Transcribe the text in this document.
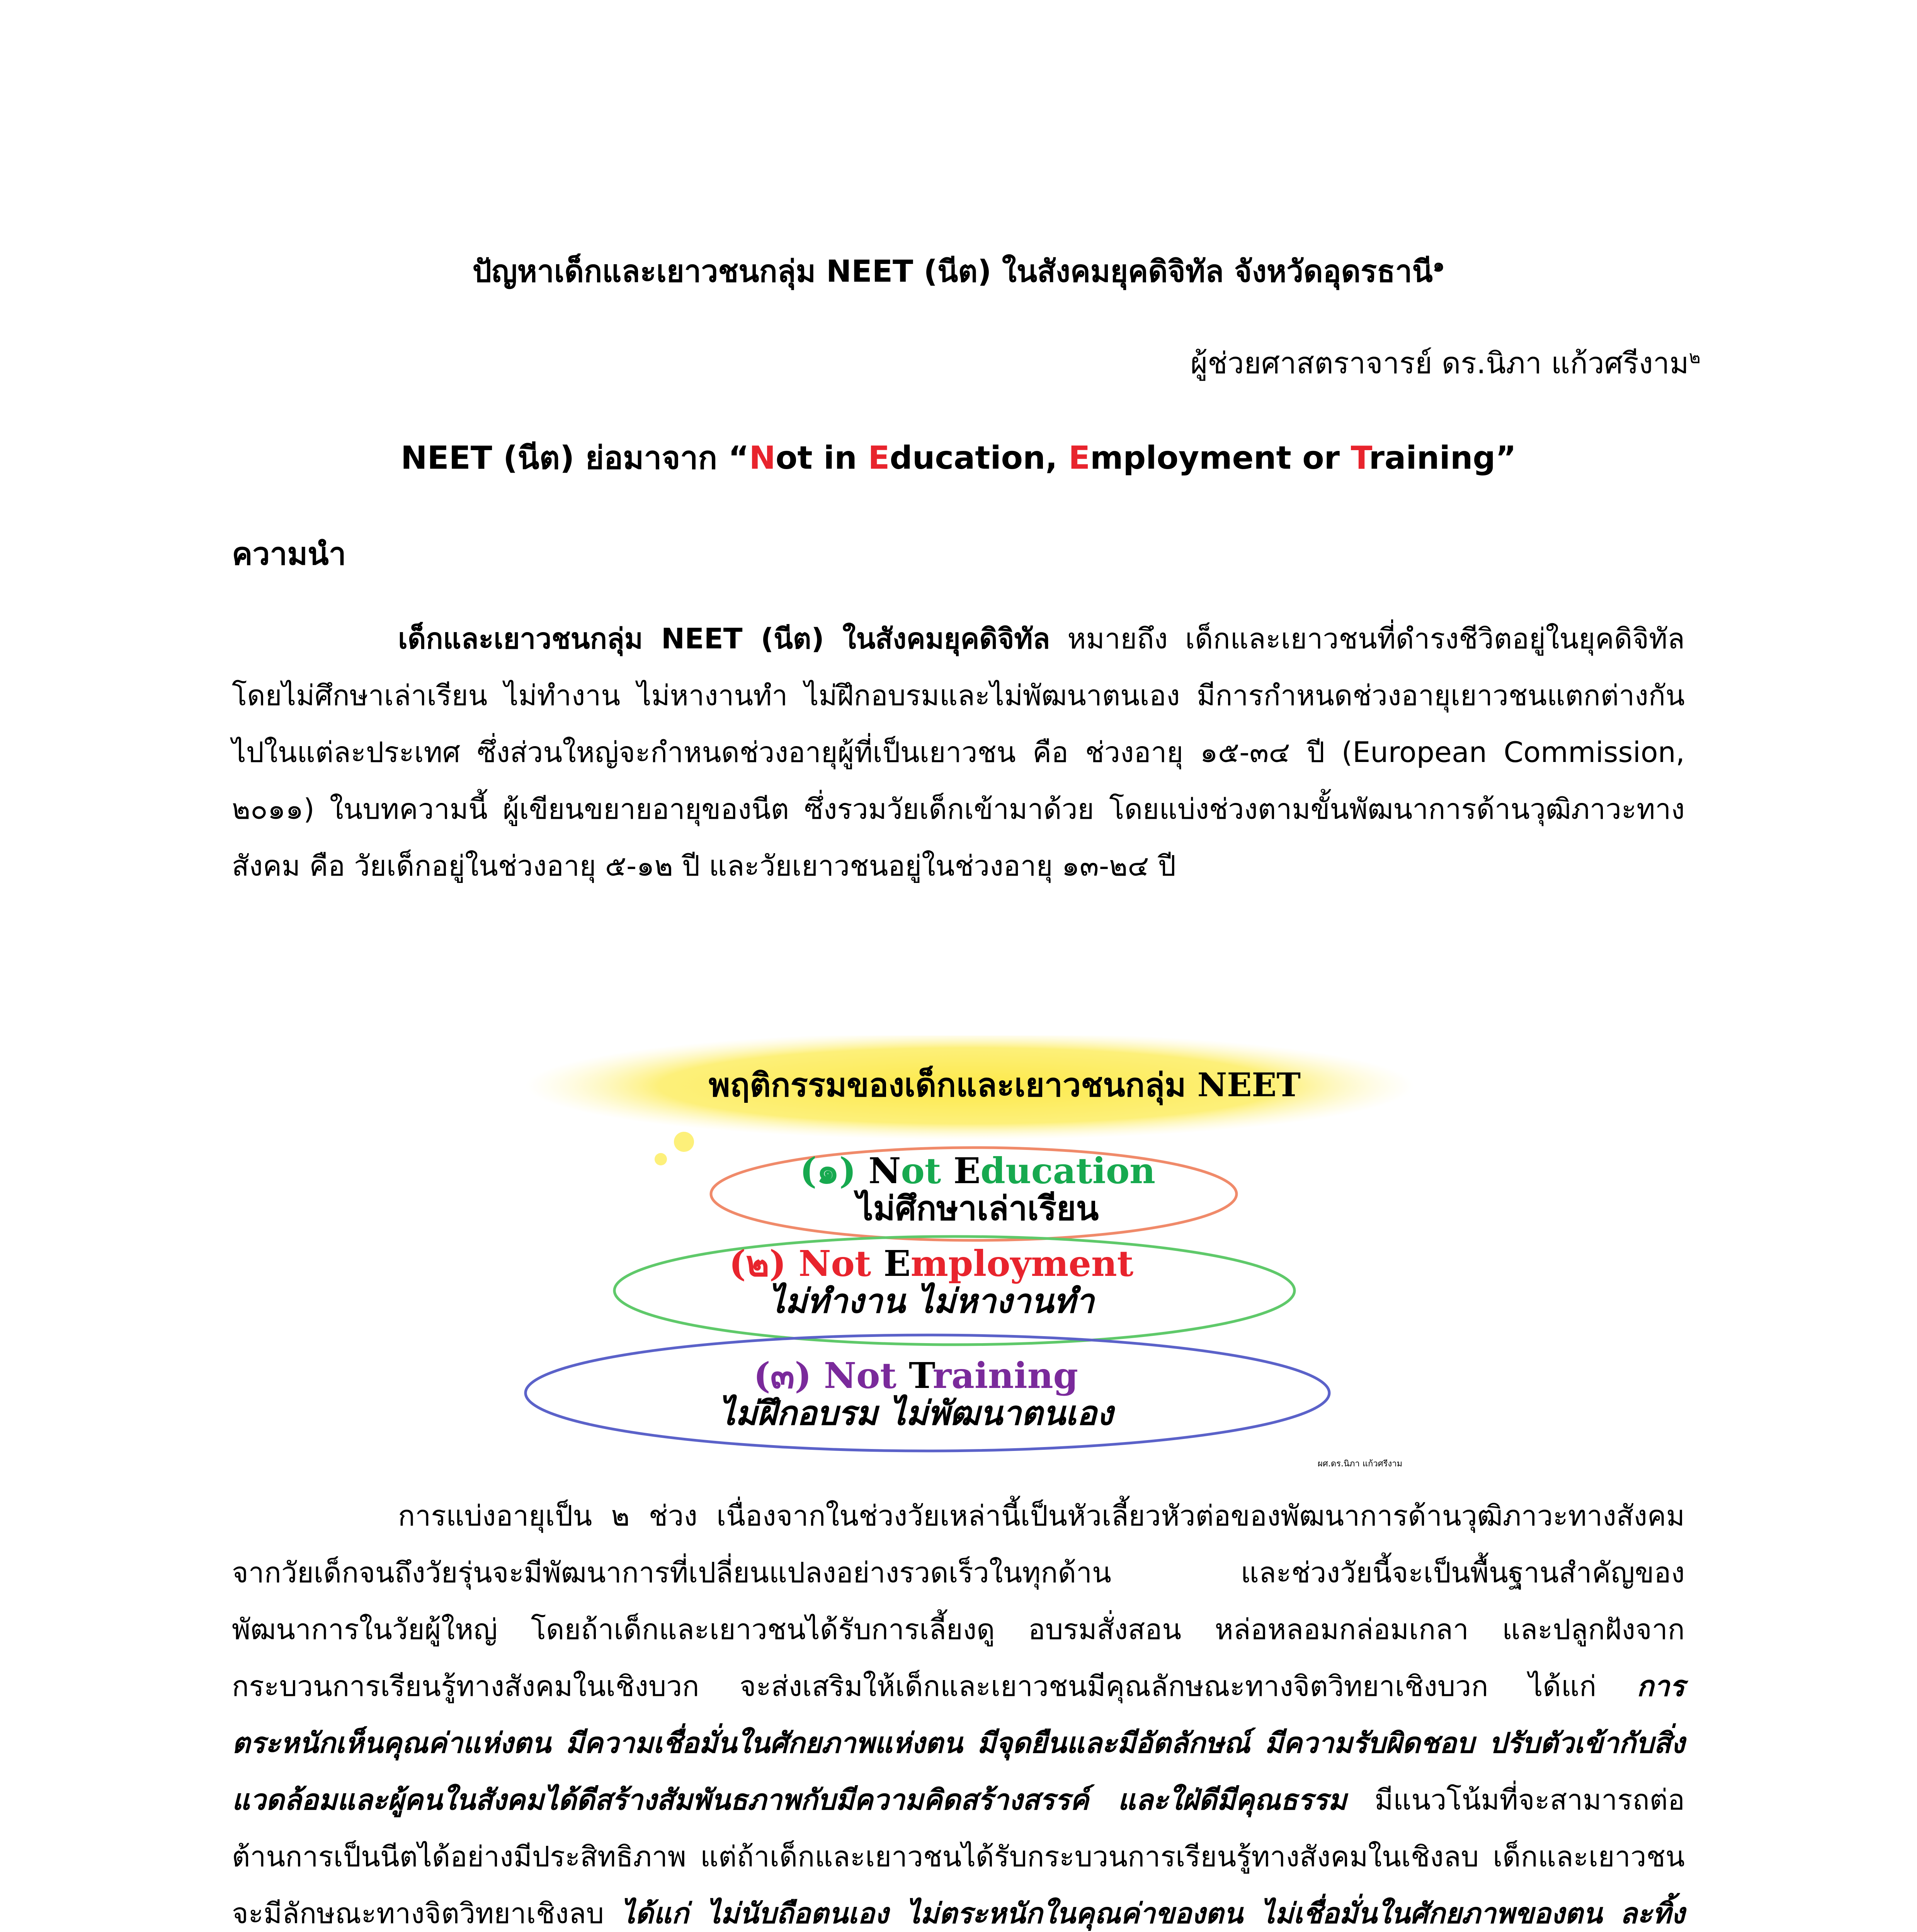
ปัญหาเด็กและเยาวชนกลุ่ม NEET (นีต) ในสังคมยุคดิจิทัล จังหวัดอุดรธานี$^๑$
ผู้ช่วยศาสตราจารย์ ดร.นิภา แก้วศรีงาม$^๒$
NEET (นีต) ย่อมาจาก “Not in Education, Employment or Training”
ความนำ
เด็กและเยาวชนกลุ่ม NEET (นีต) ในสังคมยุคดิจิทัล หมายถึง เด็กและเยาวชนที่ดำรงชีวิตอยู่ในยุคดิจิทัล โดยไม่ศึกษาเล่าเรียน ไม่ทำงาน ไม่หางานทำ ไม่ฝึกอบรมและไม่พัฒนาตนเอง มีการกำหนดช่วงอายุเยาวชนแตกต่างกันไปในแต่ละประเทศ ซึ่งส่วนใหญ่จะกำหนดช่วงอายุผู้ที่เป็นเยาวชน คือ ช่วงอายุ ๑๕-๓๔ ปี (European Commission, ๒๐๑๑) ในบทความนี้ ผู้เขียนขยายอายุของนีต ซึ่งรวมวัยเด็กเข้ามาด้วย โดยแบ่งช่วงตามขั้นพัฒนาการด้านวุฒิภาวะทางสังคม คือ วัยเด็กอยู่ในช่วงอายุ ๕-๑๒ ปี และวัยเยาวชนอยู่ในช่วงอายุ ๑๓-๒๔ ปี
พฤติกรรมของเด็กและเยาวชนกลุ่ม NEET
(๑) Not Education
ไม่ศึกษาเล่าเรียน
(๒) Not Employment
ไม่ทำงาน ไม่หางานทำ
(๓) Not Training
ไม่ฝึกอบรม ไม่พัฒนาตนเอง
ผศ.ดร.นิภา แก้วศรีงาม
การแบ่งอายุเป็น ๒ ช่วง เนื่องจากในช่วงวัยเหล่านี้เป็นหัวเลี้ยวหัวต่อของพัฒนาการด้านวุฒิภาวะทางสังคม จากวัยเด็กจนถึงวัยรุ่นจะมีพัฒนาการที่เปลี่ยนแปลงอย่างรวดเร็วในทุกด้าน และช่วงวัยนี้จะเป็นพื้นฐานสำคัญของพัฒนาการในวัยผู้ใหญ่ โดยถ้าเด็กและเยาวชนได้รับการเลี้ยงดู อบรมสั่งสอน หล่อหลอมกล่อมเกลา และปลูกฝังจากกระบวนการเรียนรู้ทางสังคมในเชิงบวก จะส่งเสริมให้เด็กและเยาวชนมีคุณลักษณะทางจิตวิทยาเชิงบวก ได้แก่ การตระหนักเห็นคุณค่าแห่งตน มีความเชื่อมั่นในศักยภาพแห่งตน มีจุดยืนและมีอัตลักษณ์ มีความรับผิดชอบ ปรับตัวเข้ากับสิ่งแวดล้อมและผู้คนในสังคมได้ดีสร้างสัมพันธภาพกับมีความคิดสร้างสรรค์ และใฝ่ดีมีคุณธรรม มีแนวโน้มที่จะสามารถต่อต้านการเป็นนีตได้อย่างมีประสิทธิภาพ แต่ถ้าเด็กและเยาวชนได้รับกระบวนการเรียนรู้ทางสังคมในเชิงลบ เด็กและเยาวชนจะมีลักษณะทางจิตวิทยาเชิงลบ ได้แก่ ไม่นับถือตนเอง ไม่ตระหนักในคุณค่าของตน ไม่เชื่อมั่นในศักยภาพของตน ละทิ้ง
